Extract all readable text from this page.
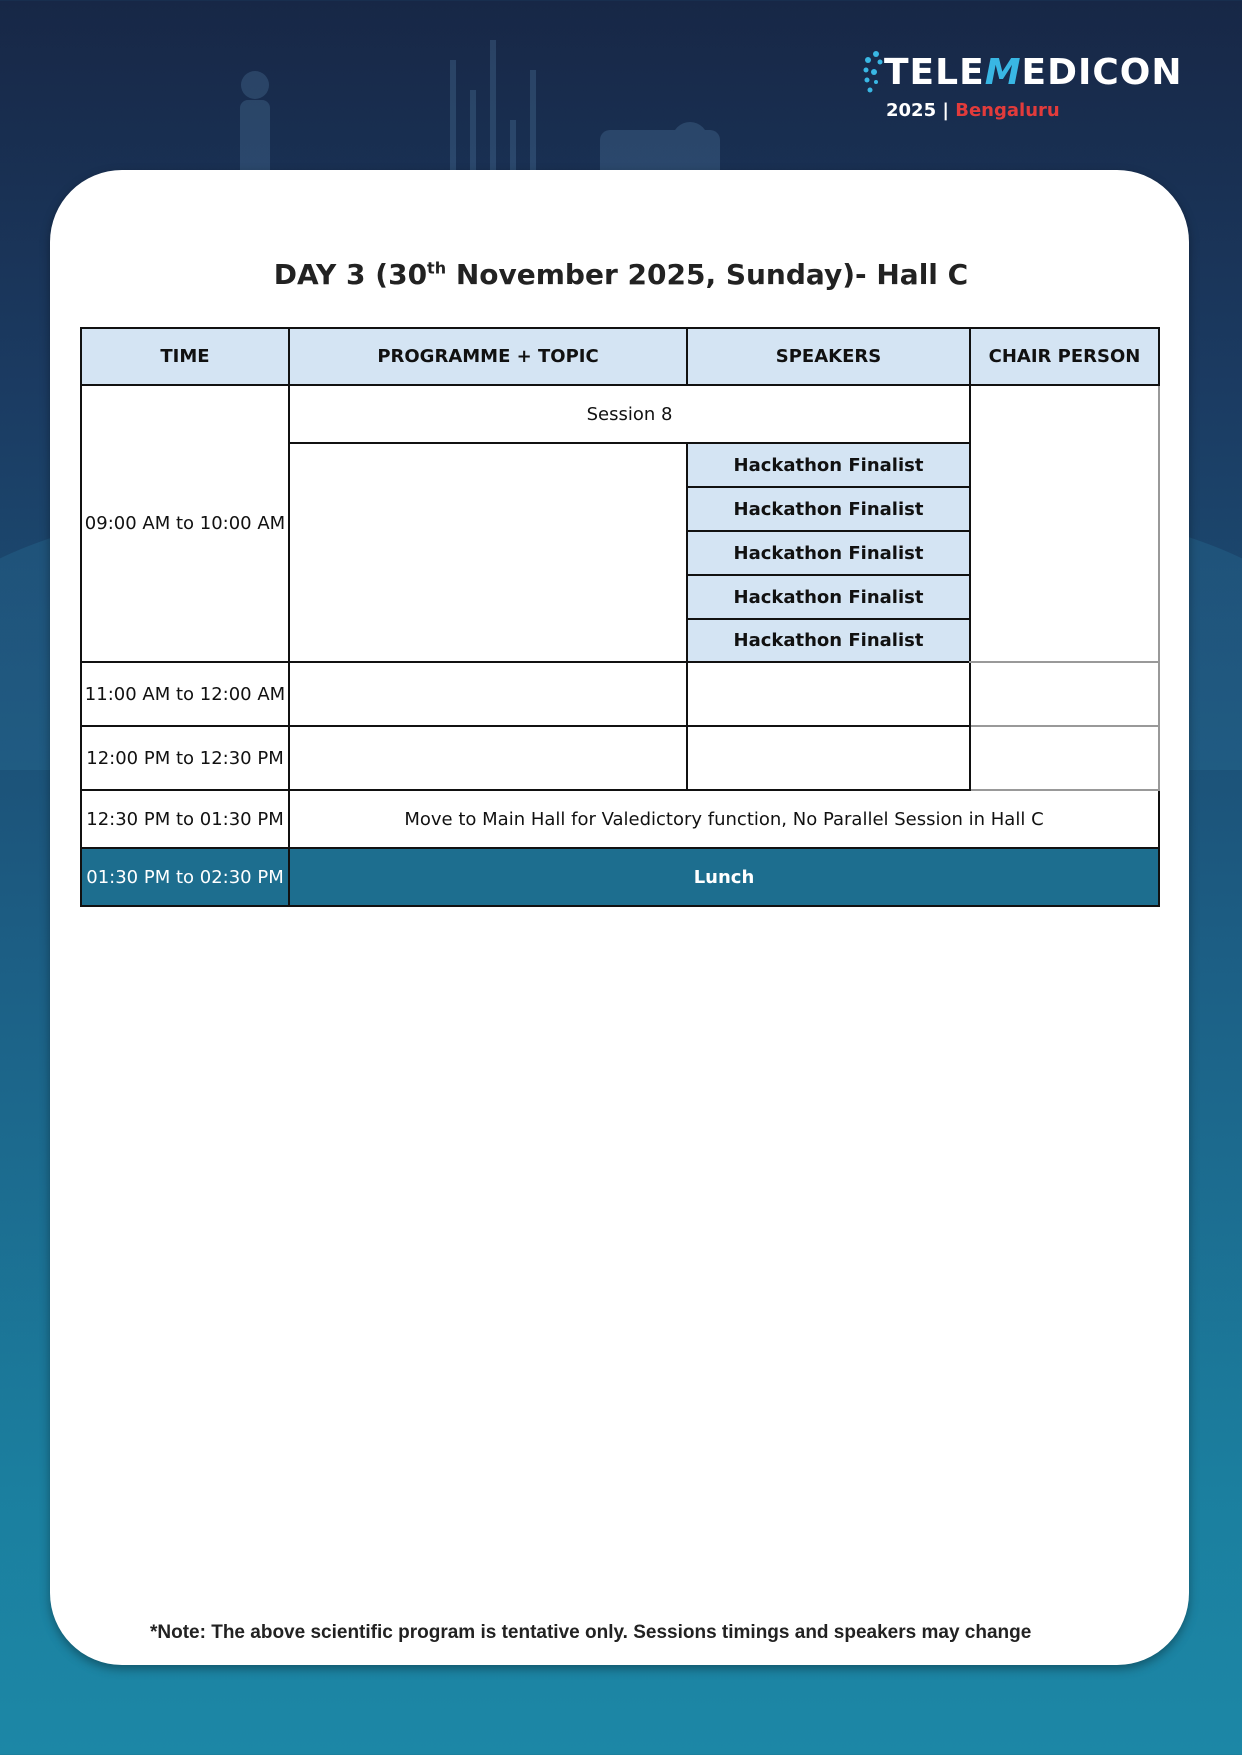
TELEMEDICON
2025 | Bengaluru
DAY 3 (30th November 2025, Sunday)- Hall C
TIME	PROGRAMME + TOPIC	SPEAKERS	CHAIR PERSON
09:00 AM to 10:00 AM	Session 8		
		Hackathon Finalist	
		Hackathon Finalist	
		Hackathon Finalist	
		Hackathon Finalist	
		Hackathon Finalist	
11:00 AM to 12:00 AM			
12:00 PM to 12:30 PM			
12:30 PM to 01:30 PM	Move to Main Hall for Valedictory function, No Parallel Session in Hall C		
01:30 PM to 02:30 PM	Lunch		
*Note: The above scientific program is tentative only. Sessions timings and speakers may change
